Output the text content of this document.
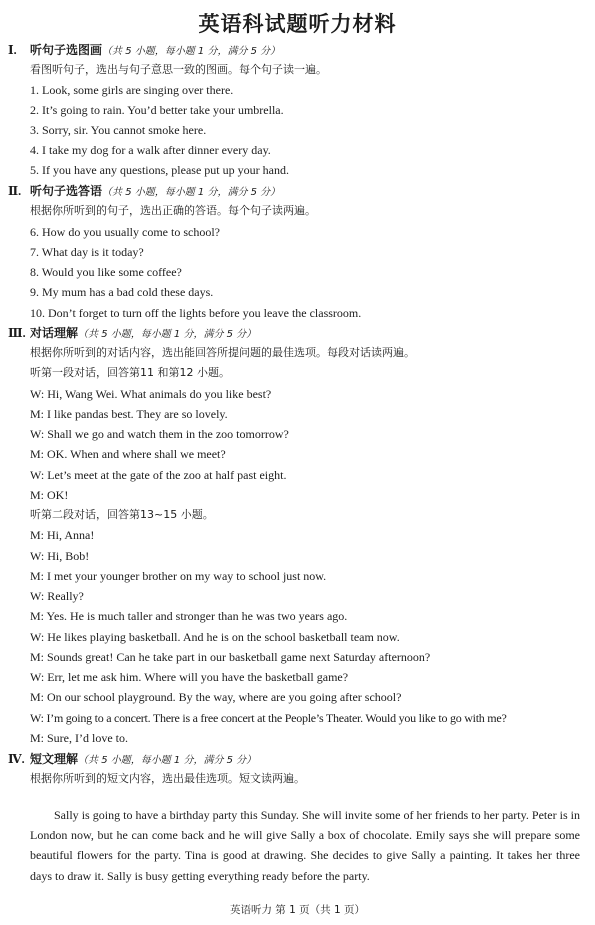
英语科试题听力材料
Ⅰ. 听句子选图画（共 5 小题，每小题 1 分，满分 5 分）
看图听句子，选出与句子意思一致的图画。每个句子读一遍。
1. Look, some girls are singing over there.
2. It’s going to rain. You’d better take your umbrella.
3. Sorry, sir. You cannot smoke here.
4. I take my dog for a walk after dinner every day.
5. If you have any questions, please put up your hand.
Ⅱ. 听句子选答语（共 5 小题，每小题 1 分，满分 5 分）
根据你所听到的句子，选出正确的答语。每个句子读两遍。
6. How do you usually come to school?
7. What day is it today?
8. Would you like some coffee?
9. My mum has a bad cold these days.
10. Don’t forget to turn off the lights before you leave the classroom.
Ⅲ. 对话理解（共 5 小题，每小题 1 分，满分 5 分）
根据你所听到的对话内容，选出能回答所提问题的最佳选项。每段对话读两遍。
听第一段对话，回答第11 和第12 小题。
W: Hi, Wang Wei. What animals do you like best?
M: I like pandas best. They are so lovely.
W: Shall we go and watch them in the zoo tomorrow?
M: OK. When and where shall we meet?
W: Let’s meet at the gate of the zoo at half past eight.
M: OK!
听第二段对话，回答第13~15 小题。
M: Hi, Anna!
W: Hi, Bob!
M: I met your younger brother on my way to school just now.
W: Really?
M: Yes. He is much taller and stronger than he was two years ago.
W: He likes playing basketball. And he is on the school basketball team now.
M: Sounds great! Can he take part in our basketball game next Saturday afternoon?
W: Err, let me ask him. Where will you have the basketball game?
M: On our school playground. By the way, where are you going after school?
W: I’m going to a concert. There is a free concert at the People’s Theater. Would you like to go with me?
M: Sure, I’d love to.
Ⅳ. 短文理解（共 5 小题，每小题 1 分，满分 5 分）
根据你所听到的短文内容，选出最佳选项。短文读两遍。
Sally is going to have a birthday party this Sunday. She will invite some of her friends to her party. Peter is in London now, but he can come back and he will give Sally a box of chocolate. Emily says she will prepare some beautiful flowers for the party. Tina is good at drawing. She decides to give Sally a painting. It takes her three days to draw it. Sally is busy getting everything ready before the party.
英语听力 第 1 页（共 1 页）
